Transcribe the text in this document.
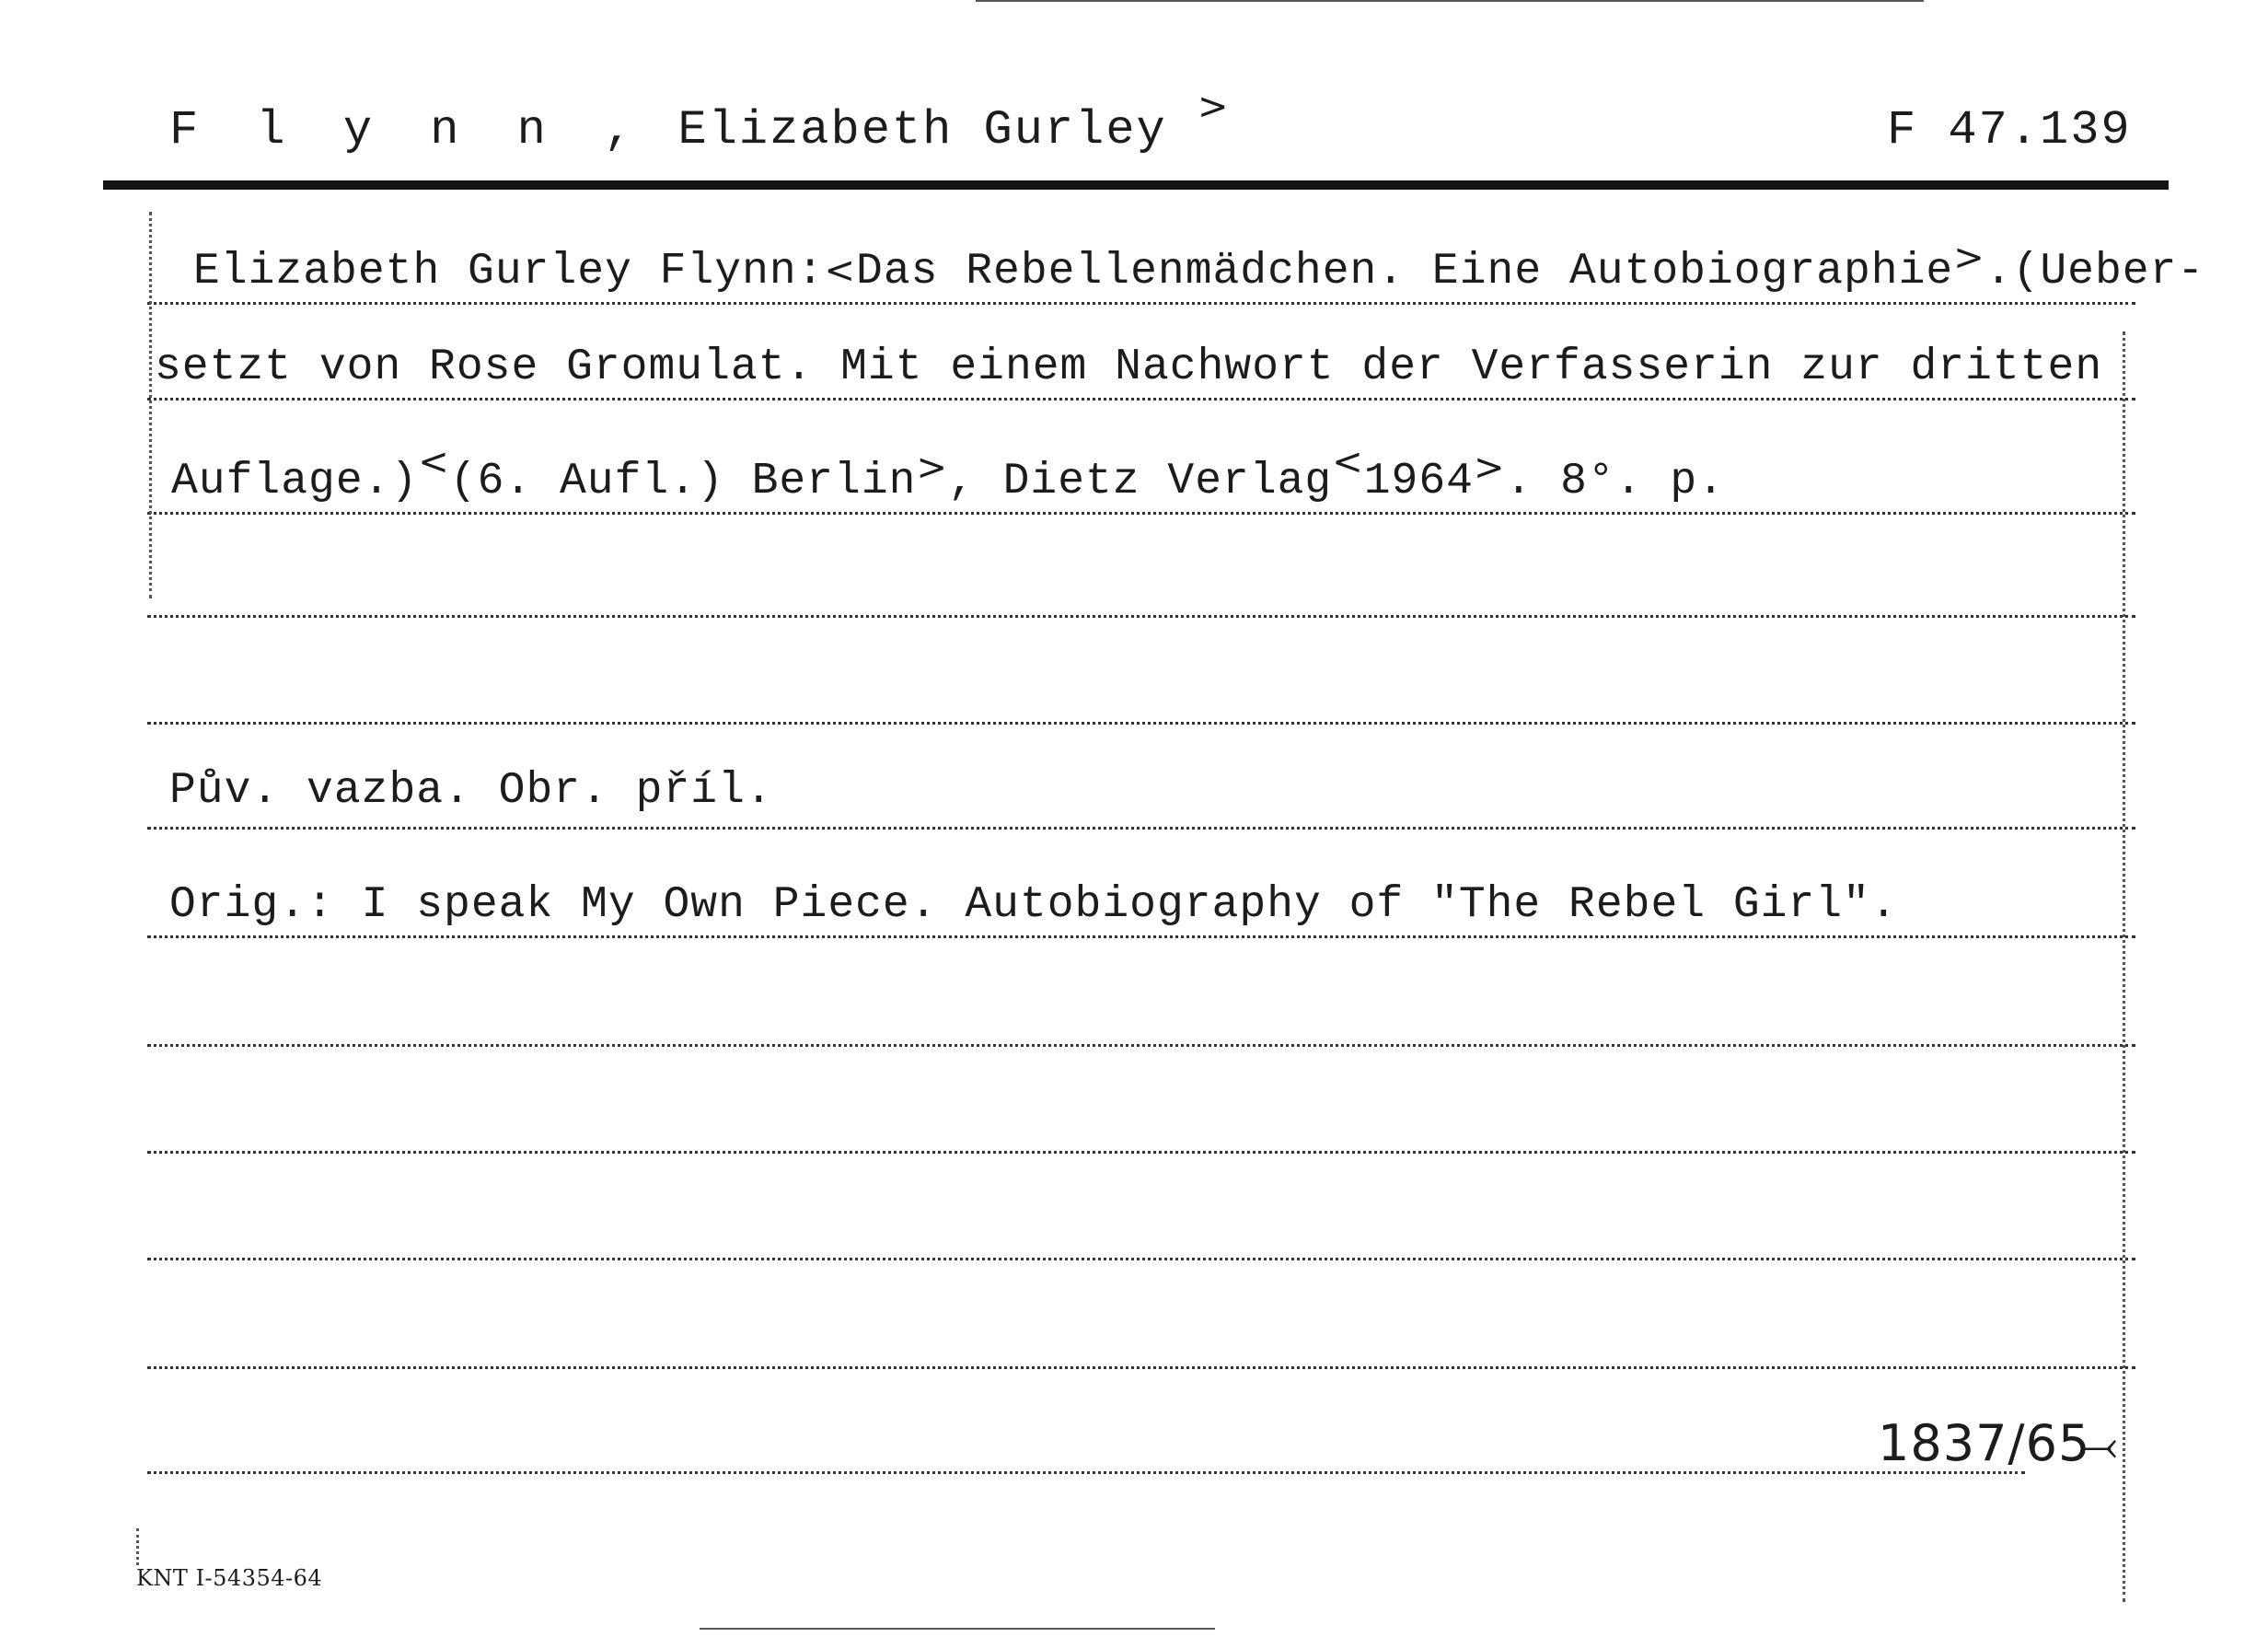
F l y n n , Elizabeth Gurley >	F 47.139
Elizabeth Gurley Flynn:<Das Rebellenmädchen. Eine Autobiographie>.(Ueber-
setzt von Rose Gromulat. Mit einem Nachwort der Verfasserin zur dritten
Auflage.)<(6. Aufl.) Berlin>, Dietz Verlag<1964>. 8°. p.
Pův. vazba. Obr. příl.
Orig.: I speak My Own Piece. Autobiography of "The Rebel Girl".
1837/65
⤙
KNT I-54354-64
